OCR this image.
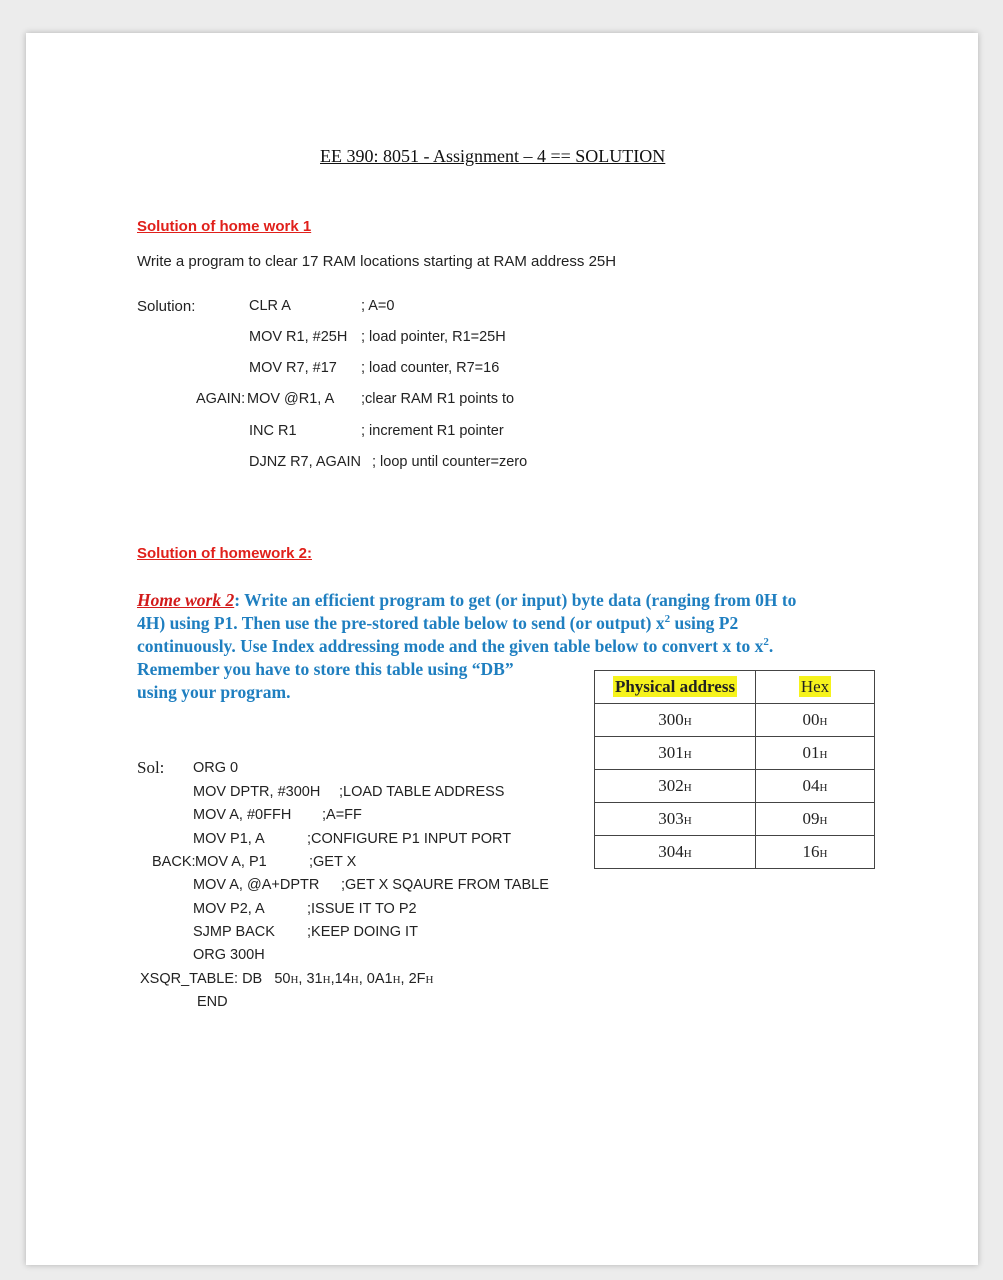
EE 390: 8051 - Assignment – 4 == SOLUTION
Solution of home work 1
Write a program to clear 17 RAM locations starting at RAM address 25H
Solution:	CLR A	; A=0
MOV R1, #25H ; load pointer, R1=25H
MOV R7, #17 ; load counter, R7=16
AGAIN: MOV @R1, A ;clear RAM R1 points to
INC R1	; increment R1 pointer
DJNZ R7, AGAIN ; loop until counter=zero
Solution of homework 2:
Home work 2: Write an efficient program to get (or input) byte data (ranging from 0H to
4H) using P1. Then use the pre-stored table below to send (or output) $x^2$ using P2
continuously. Use Index addressing mode and the given table below to convert x to $x^2$.
Remember you have to store this table using “DB”
using your program.	Physical address	Hex
300H	00H
301H	01H
302H	04H
303H	09H
304H	16H
Sol: ORG 0
MOV DPTR, #300H ;LOAD TABLE ADDRESS
MOV A, #0FFH ;A=FF
MOV P1, A	;CONFIGURE P1 INPUT PORT
BACK: MOV A, P1	;GET X
MOV A, @A+DPTR ;GET X SQAURE FROM TABLE
MOV P2, A	;ISSUE IT TO P2
SJMP BACK ;KEEP DOING IT
ORG 300H
XSQR_TABLE: DB 50H, 31H,14H, 0A1H, 2FH
END
